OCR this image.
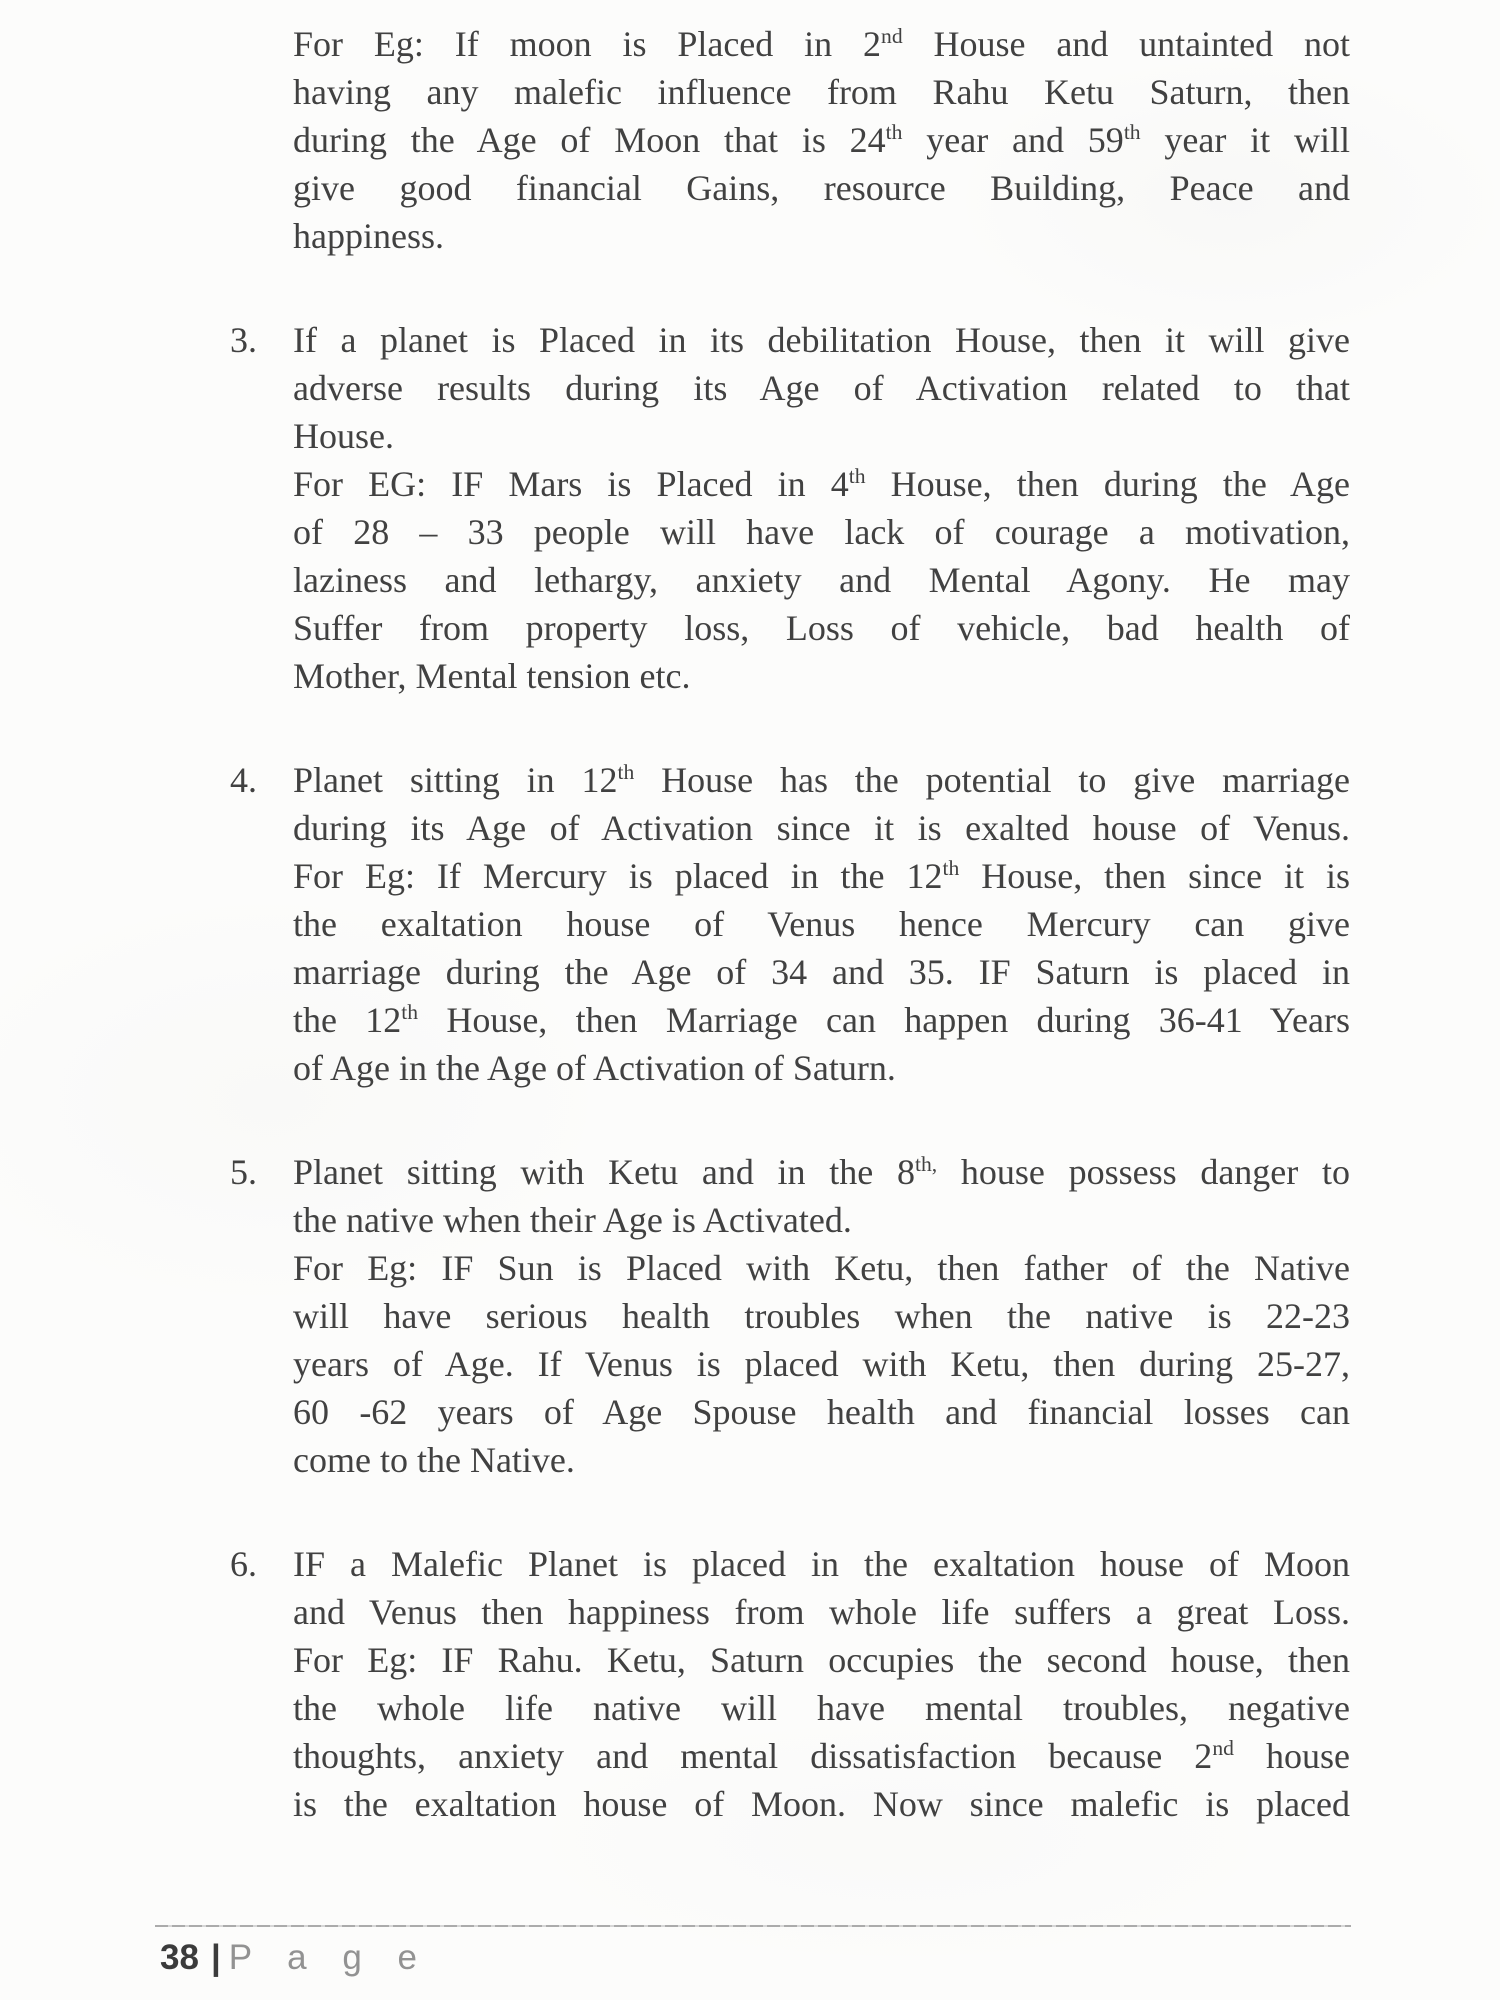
For Eg: If moon is Placed in 2nd House and untainted not
having any malefic influence from Rahu Ketu Saturn, then
during the Age of Moon that is 24th year and 59th year it will
give good financial Gains, resource Building, Peace and
happiness.
3.	If a planet is Placed in its debilitation House, then it will give
adverse results during its Age of Activation related to that
House.
For EG: IF Mars is Placed in 4th House, then during the Age
of 28 – 33 people will have lack of courage a motivation,
laziness and lethargy, anxiety and Mental Agony. He may
Suffer from property loss, Loss of vehicle, bad health of
Mother, Mental tension etc.
4.	Planet sitting in 12th House has the potential to give marriage
during its Age of Activation since it is exalted house of Venus.
For Eg: If Mercury is placed in the 12th House, then since it is
the exaltation house of Venus hence Mercury can give
marriage during the Age of 34 and 35. IF Saturn is placed in
the 12th House, then Marriage can happen during 36-41 Years
of Age in the Age of Activation of Saturn.
5.	Planet sitting with Ketu and in the $8^{th,}$ house possess danger to
the native when their Age is Activated.
For Eg: IF Sun is Placed with Ketu, then father of the Native
will have serious health troubles when the native is 22-23
years of Age. If Venus is placed with Ketu, then during 25-27,
60 -62 years of Age Spouse health and financial losses can
come to the Native.
6.	IF a Malefic Planet is placed in the exaltation house of Moon
and Venus then happiness from whole life suffers a great Loss.
For Eg: IF Rahu. Ketu, Saturn occupies the second house, then
the whole life native will have mental troubles, negative
thoughts, anxiety and mental dissatisfaction because 2nd house
is the exaltation house of Moon. Now since malefic is placed
38 | P a g e
